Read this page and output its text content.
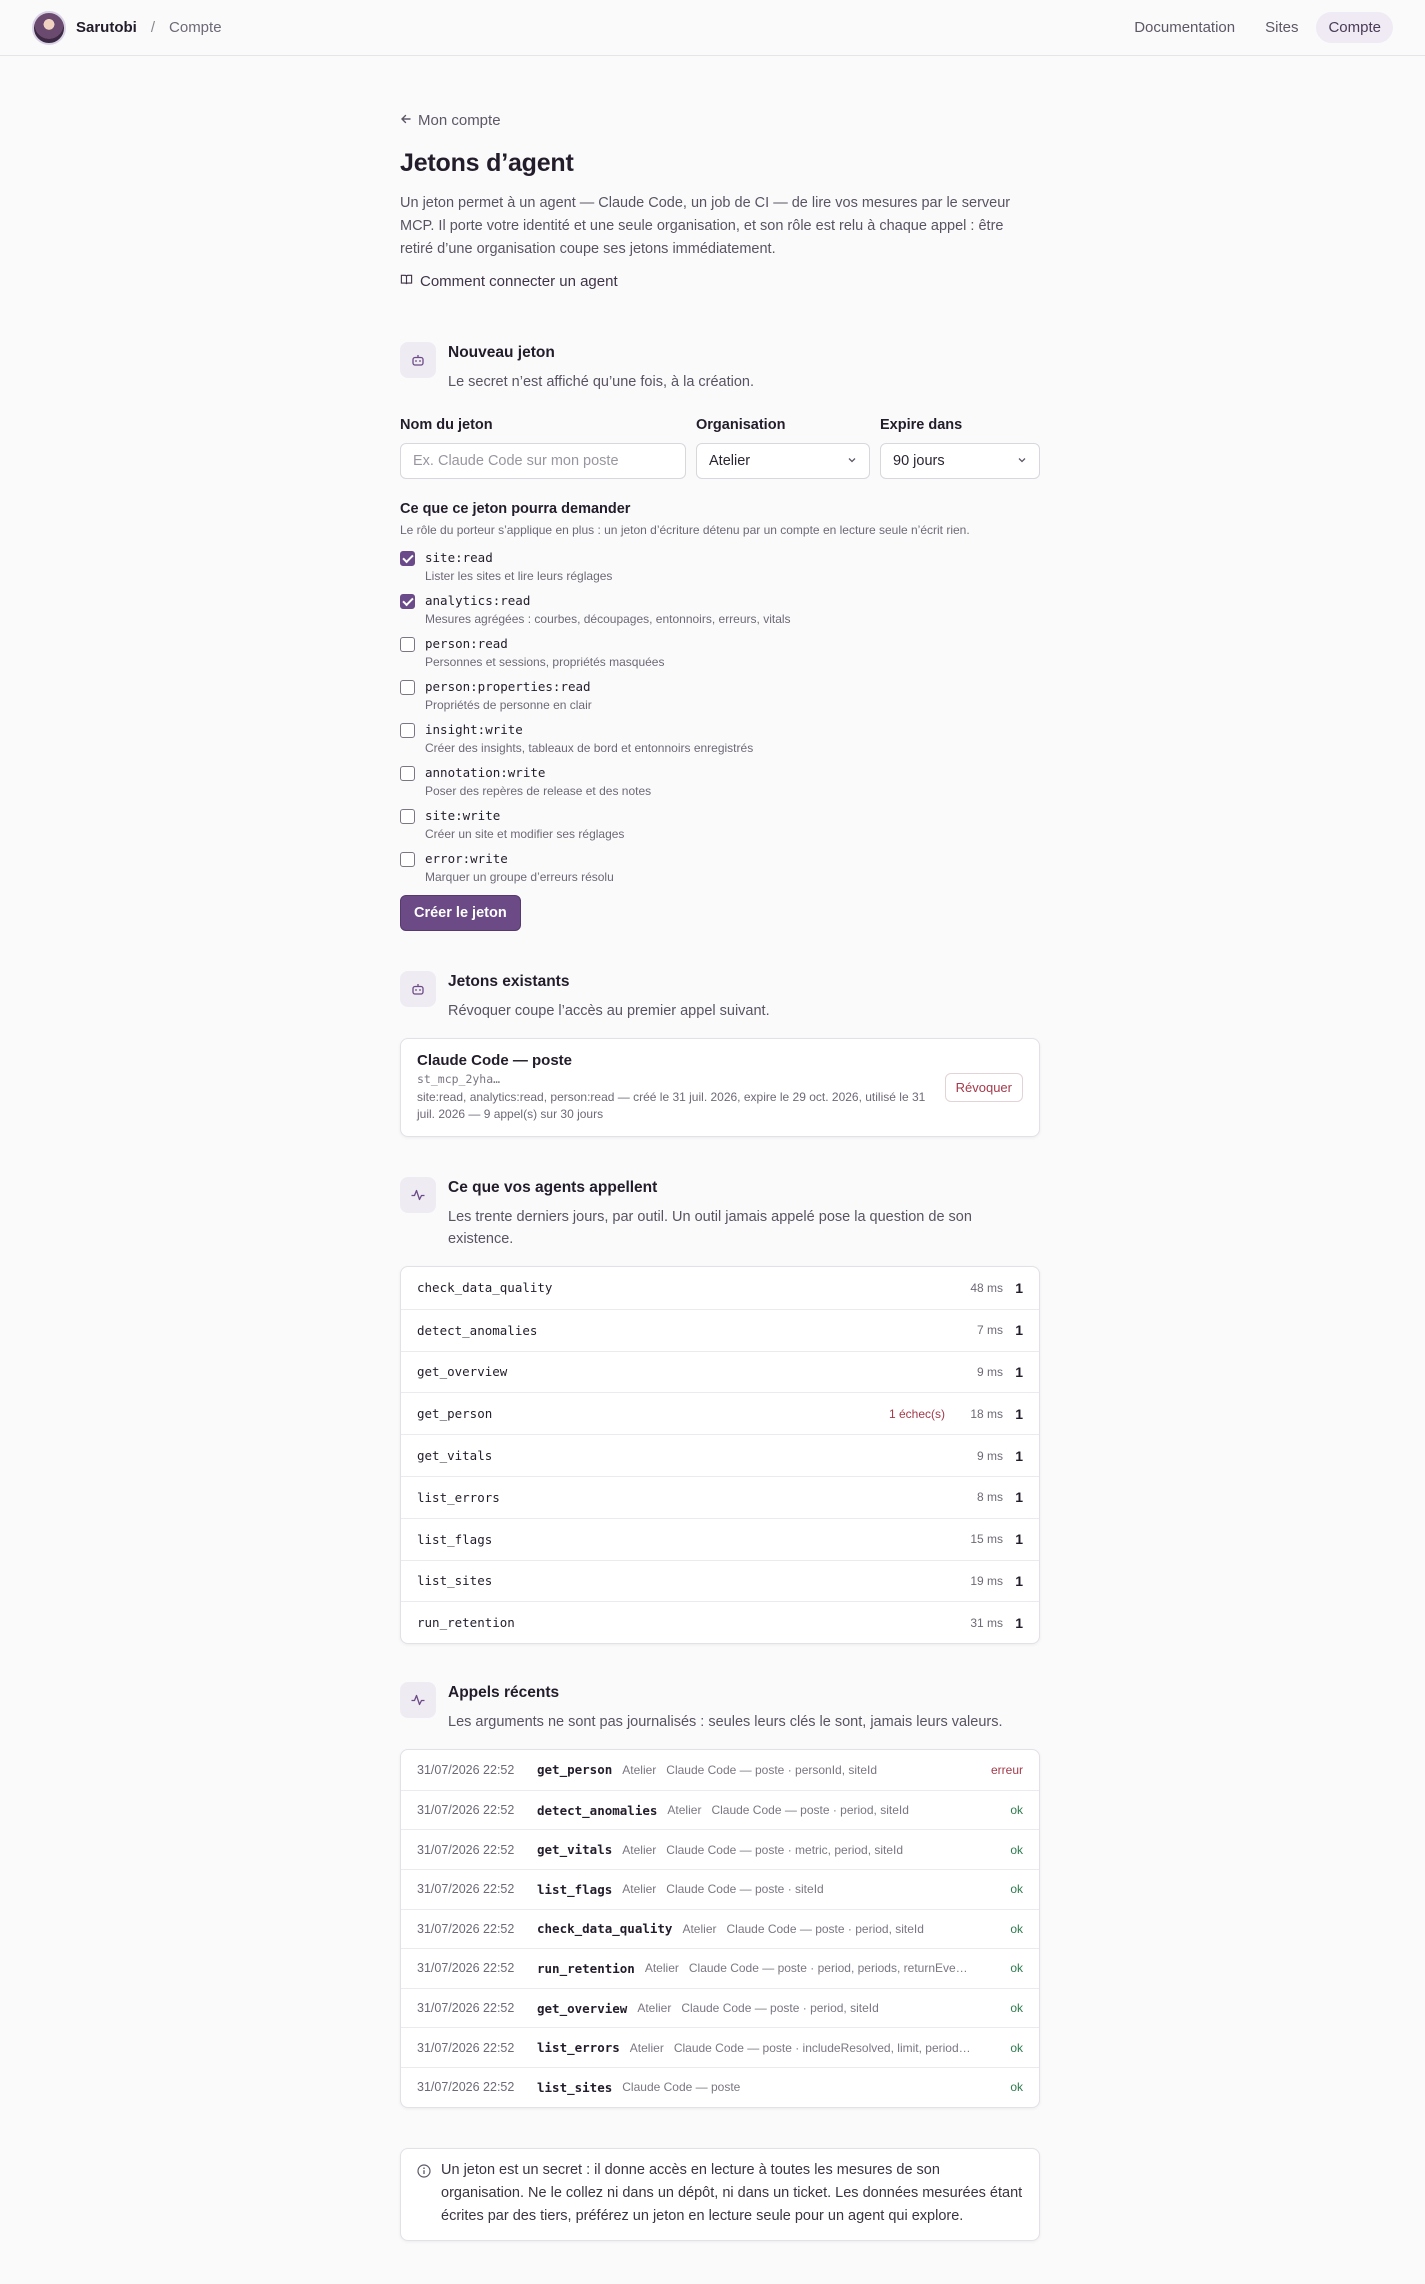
Sarutobi / Compte	Documentation	Sites	Compte
Mon compte
Jetons d’agent

Un jeton permet à un agent — Claude Code, un job de CI — de lire vos mesures par le serveur MCP. Il porte votre identité et une seule organisation, et son rôle est relu à chaque appel : être retiré d’une organisation coupe ses jetons immédiatement.

Comment connecter un agent
Nouveau jeton
Le secret n’est affiché qu’une fois, à la création.
Nom du jeton
Ex. Claude Code sur mon poste
Organisation
Atelier
Expire dans
90 jours
Ce que ce jeton pourra demander
Le rôle du porteur s’applique en plus : un jeton d’écriture détenu par un compte en lecture seule n’écrit rien.
site:read
Lister les sites et lire leurs réglages
analytics:read
Mesures agrégées : courbes, découpages, entonnoirs, erreurs, vitals
person:read
Personnes et sessions, propriétés masquées
person:properties:read
Propriétés de personne en clair
insight:write
Créer des insights, tableaux de bord et entonnoirs enregistrés
annotation:write
Poser des repères de release et des notes
site:write
Créer un site et modifier ses réglages
error:write
Marquer un groupe d’erreurs résolu
Créer le jeton
Jetons existants
Révoquer coupe l’accès au premier appel suivant.
Claude Code — poste
st_mcp_2yha…
site:read, analytics:read, person:read — créé le 31 juil. 2026, expire le 29 oct. 2026, utilisé le 31 juil. 2026 — 9 appel(s) sur 30 jours
Révoquer
Ce que vos agents appellent
Les trente derniers jours, par outil. Un outil jamais appelé pose la question de son existence.
check_data_quality	48 ms 1
detect_anomalies	7 ms 1
get_overview	9 ms 1
get_person	1 échec(s)	18 ms 1
get_vitals	9 ms 1
list_errors	8 ms 1
list_flags	15 ms 1
list_sites	19 ms 1
run_retention	31 ms 1
Appels récents
Les arguments ne sont pas journalisés : seules leurs clés le sont, jamais leurs valeurs.
31/07/2026 22:52	get_person Atelier Claude Code — poste · personId, siteId	erreur
31/07/2026 22:52	detect_anomalies Atelier Claude Code — poste · period, siteId	ok
31/07/2026 22:52	get_vitals Atelier Claude Code — poste · metric, period, siteId	ok
31/07/2026 22:52	list_flags Atelier Claude Code — poste · siteId	ok
31/07/2026 22:52	check_data_quality Atelier Claude Code — poste · period, siteId	ok
31/07/2026 22:52	run_retention Atelier Claude Code — poste · period, periods, returnEve…	ok
31/07/2026 22:52	get_overview Atelier Claude Code — poste · period, siteId	ok
31/07/2026 22:52	list_errors Atelier Claude Code — poste · includeResolved, limit, period…	ok
31/07/2026 22:52	list_sites Claude Code — poste	ok
Un jeton est un secret : il donne accès en lecture à toutes les mesures de son organisation. Ne le collez ni dans un dépôt, ni dans un ticket. Les données mesurées étant écrites par des tiers, préférez un jeton en lecture seule pour un agent qui explore.
